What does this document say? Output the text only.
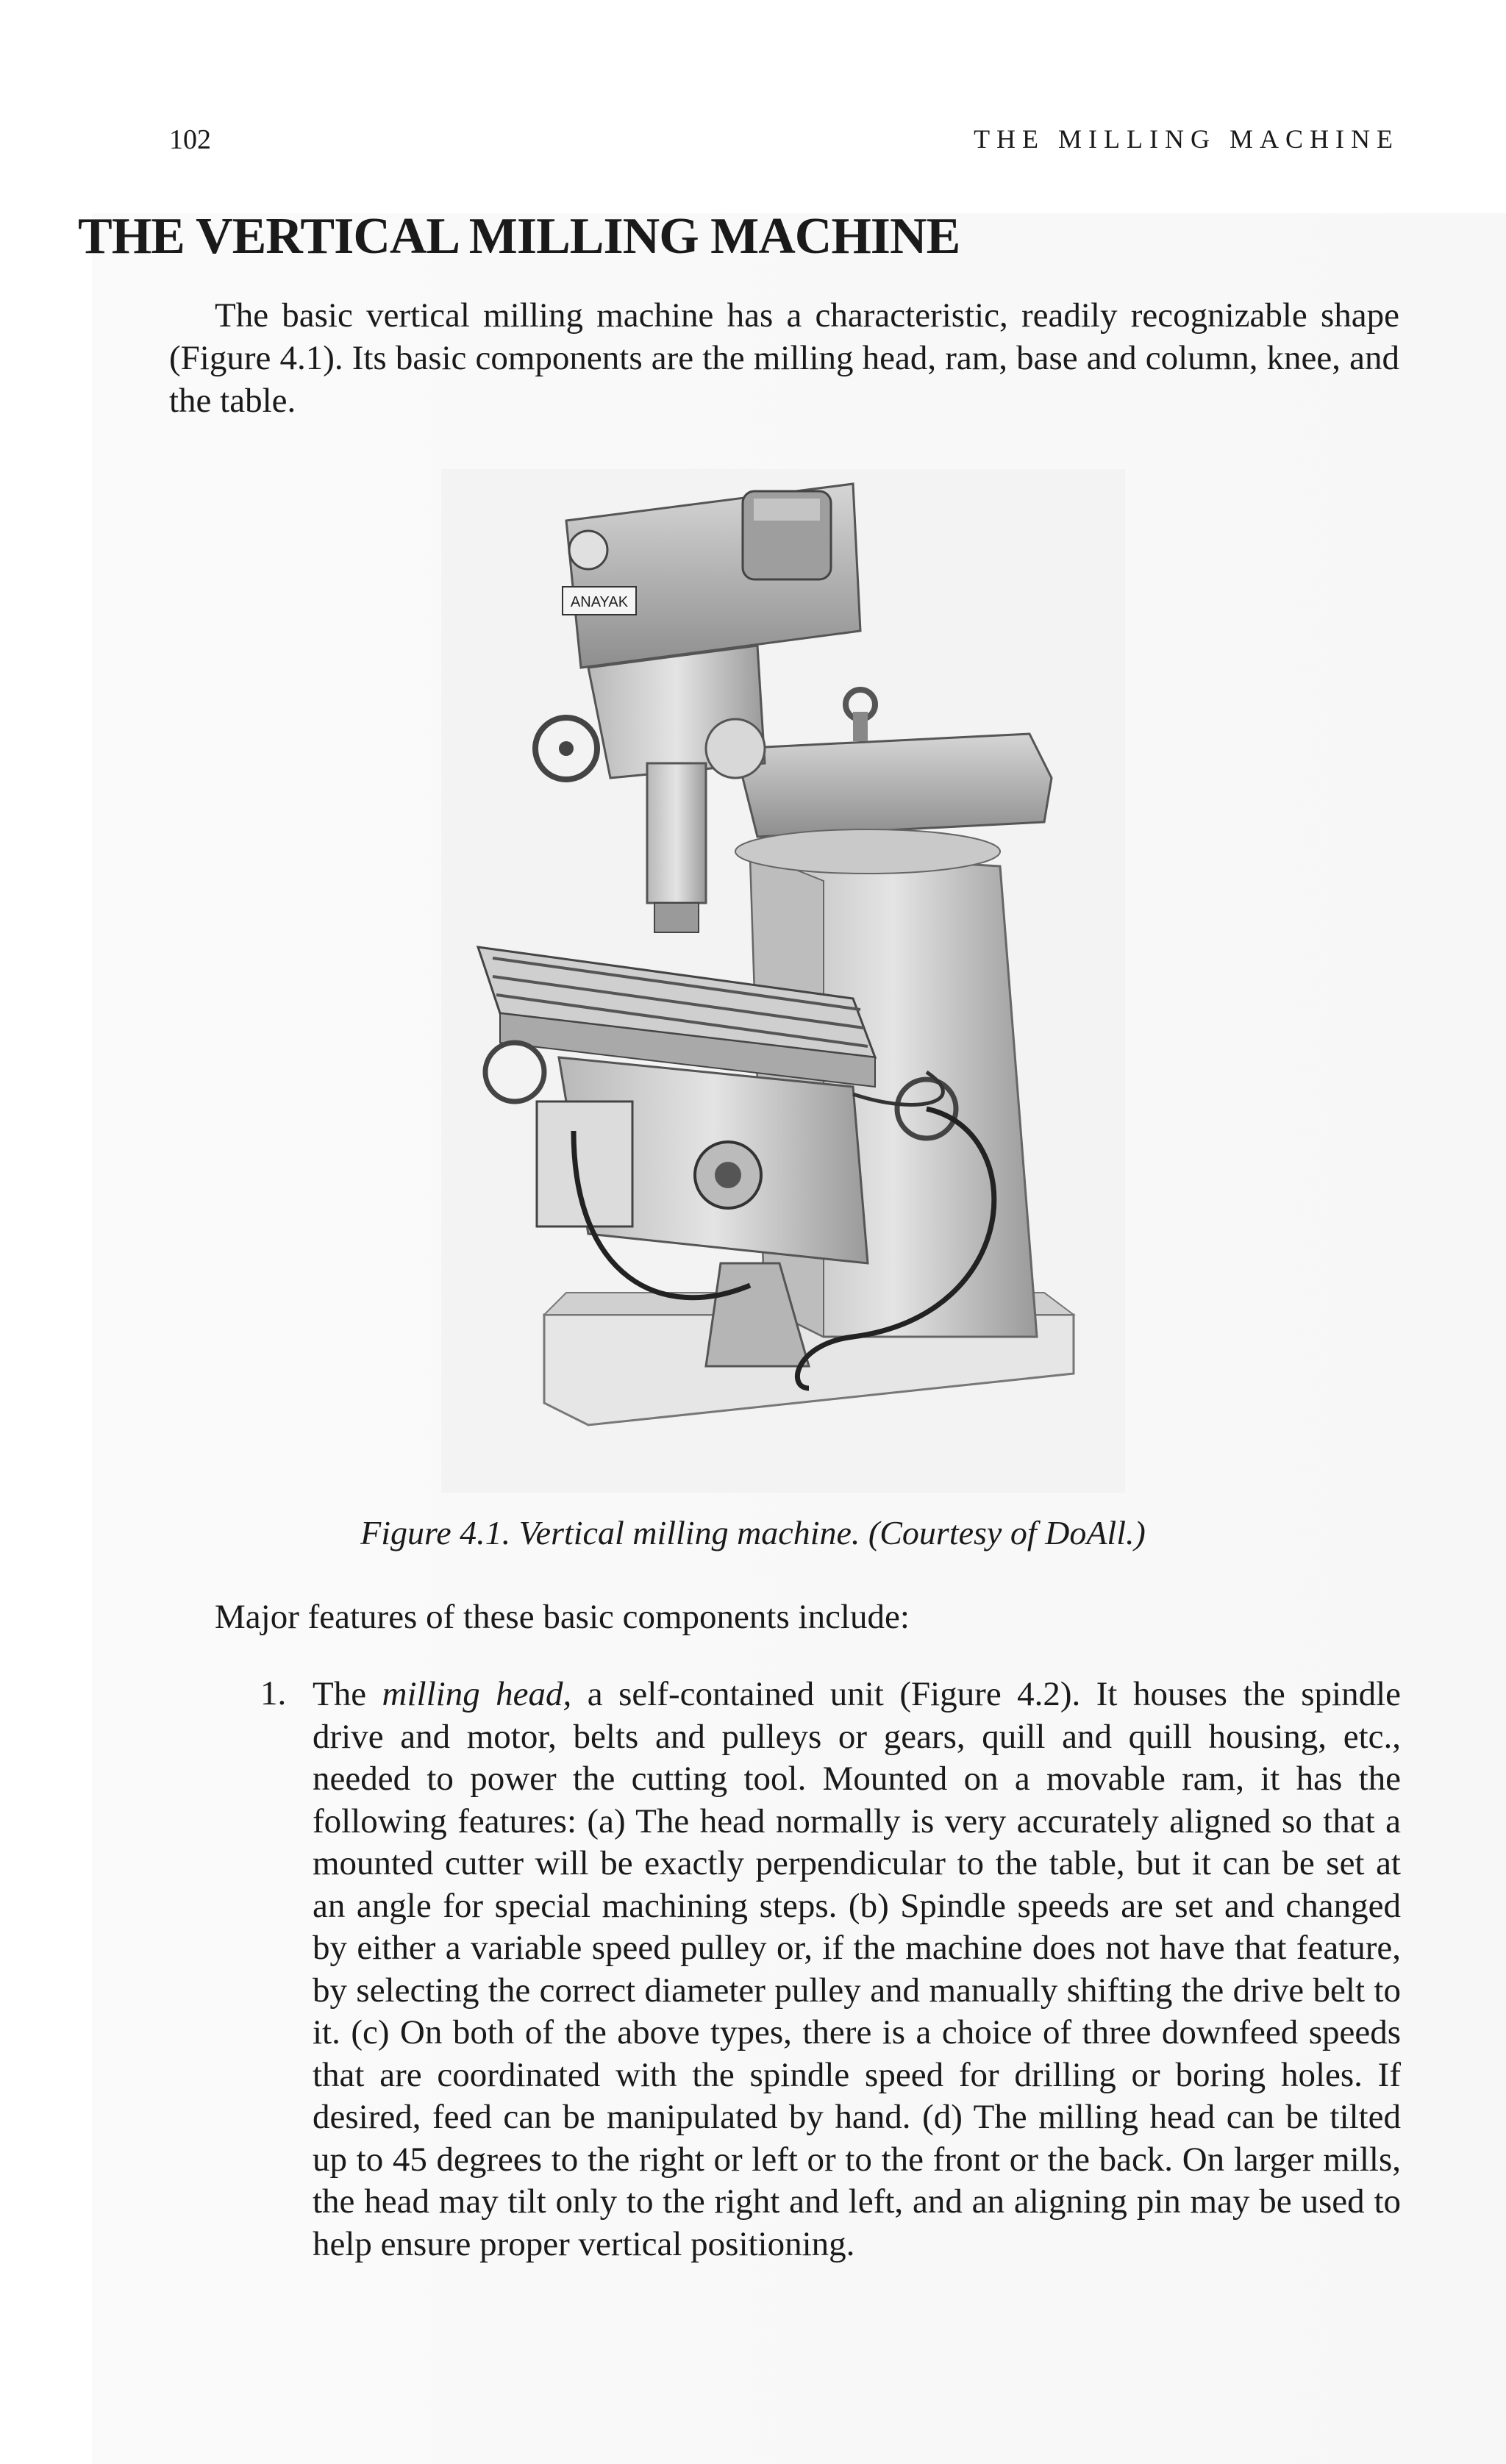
102	THE MILLING MACHINE
THE VERTICAL MILLING MACHINE

The basic vertical milling machine has a characteristic, readily recognizable shape (Figure 4.1). Its basic components are the milling head, ram, base and column, knee, and the table.

ANAYAK
Figure 4.1. Vertical milling machine. (Courtesy of DoAll.)
Major features of these basic components include:
1. The milling head, a self-contained unit (Figure 4.2). It houses the spindle drive and motor, belts and pulleys or gears, quill and quill housing, etc., needed to power the cutting tool. Mounted on a movable ram, it has the following features: (a) The head normally is very accurately aligned so that a mounted cutter will be exactly perpendicular to the table, but it can be set at an angle for special machining steps. (b) Spindle speeds are set and changed by either a variable speed pulley or, if the machine does not have that feature, by selecting the correct diameter pulley and manually shifting the drive belt to it. (c) On both of the above types, there is a choice of three downfeed speeds that are coordinated with the spindle speed for drilling or boring holes. If desired, feed can be manipulated by hand. (d) The milling head can be tilted up to 45 degrees to the right or left or to the front or the back. On larger mills, the head may tilt only to the right and left, and an aligning pin may be used to help ensure proper vertical positioning.
